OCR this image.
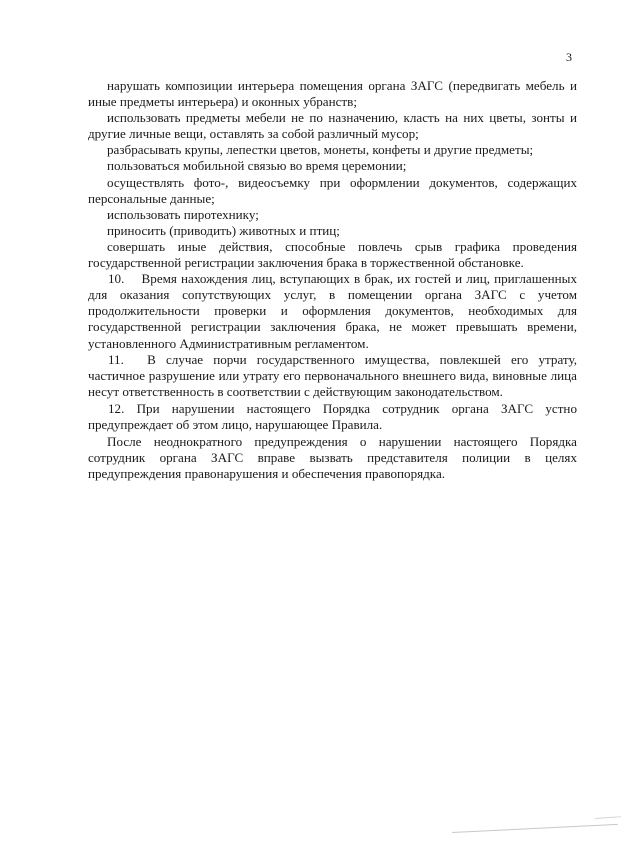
3

нарушать композиции интерьера помещения органа ЗАГС (передвигать мебель и иные предметы интерьера) и оконных убранств;

использовать предметы мебели не по назначению, класть на них цветы, зонты и другие личные вещи, оставлять за собой различный мусор;

разбрасывать крупы, лепестки цветов, монеты, конфеты и другие предметы;

пользоваться мобильной связью во время церемонии;

осуществлять фото-, видеосъемку при оформлении документов, содержащих персональные данные;

использовать пиротехнику;

приносить (приводить) животных и птиц;

совершать иные действия, способные повлечь срыв графика проведения государственной регистрации заключения брака в торжественной обстановке.

10.  Время нахождения лиц, вступающих в брак, их гостей и лиц, приглашенных для оказания сопутствующих услуг, в помещении органа ЗАГС с учетом продолжительности проверки и оформления документов, необходимых для государственной регистрации заключения брака, не может превышать времени, установленного Административным регламентом.

11.  В случае порчи государственного имущества, повлекшей его утрату, частичное разрушение или утрату его первоначального внешнего вида, виновные лица несут ответственность в соответствии с действующим законодательством.

12. При нарушении настоящего Порядка сотрудник органа ЗАГС устно предупреждает об этом лицо, нарушающее Правила.

После неоднократного предупреждения о нарушении настоящего Порядка сотрудник органа ЗАГС вправе вызвать представителя полиции в целях предупреждения правонарушения и обеспечения правопорядка.
